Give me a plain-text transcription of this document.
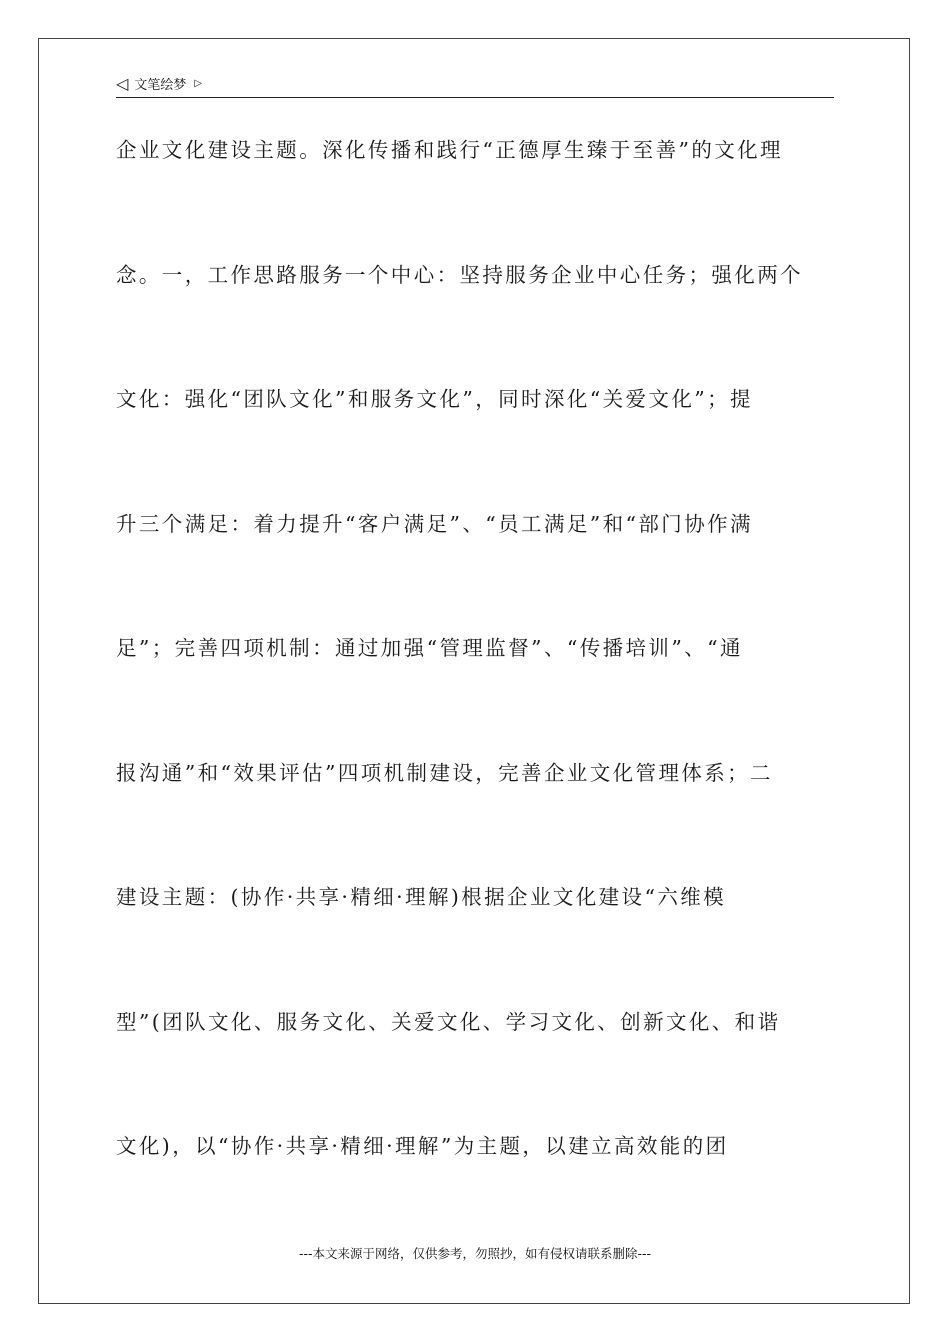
◁ 文笔绘梦 ▷
企业文化建设主题。深化传播和践行“正德厚生臻于至善”的文化理
念。一，工作思路服务一个中心：坚持服务企业中心任务；强化两个
文化：强化“团队文化”和服务文化”，同时深化“关爱文化”；提
升三个满足：着力提升“客户满足”、“员工满足”和“部门协作满
足”；完善四项机制：通过加强“管理监督”、“传播培训”、“通
报沟通”和“效果评估”四项机制建设，完善企业文化管理体系；二
建设主题：(协作·共享·精细·理解)根据企业文化建设“六维模
型”(团队文化、服务文化、关爱文化、学习文化、创新文化、和谐
文化)，以“协作·共享·精细·理解”为主题，以建立高效能的团
---本文来源于网络，仅供参考，勿照抄，如有侵权请联系删除---
